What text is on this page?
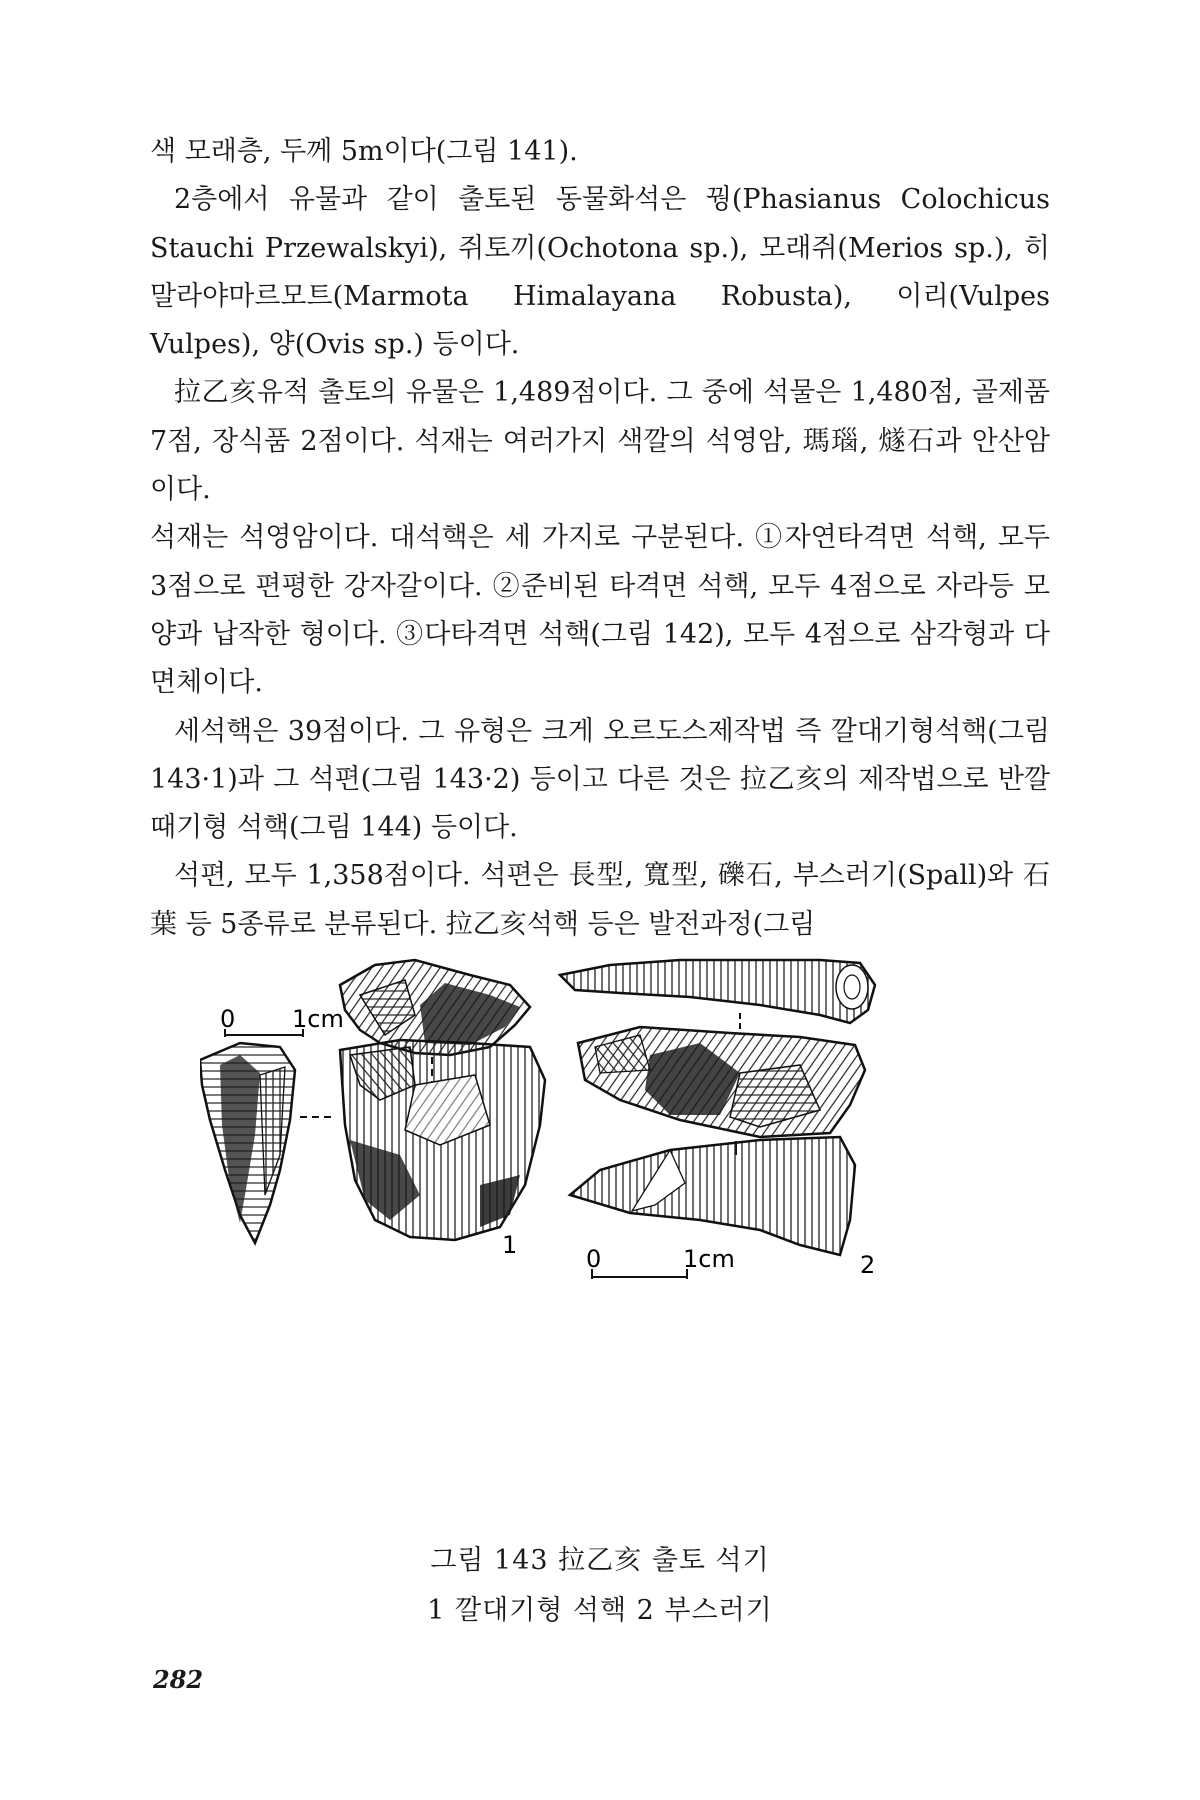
색 모래층, 두께 5m이다(그림 141).

2층에서 유물과 같이 출토된 동물화석은 꿩(Phasianus Colochicus Stauchi Przewalskyi), 쥐토끼(Ochotona sp.), 모래쥐(Merios sp.), 히말라야마르모트(Marmota Himalayana Robusta), 이리(Vulpes Vulpes), 양(Ovis sp.) 등이다.

拉乙亥유적 출토의 유물은 1,489점이다. 그 중에 석물은 1,480점, 골제품 7점, 장식품 2점이다. 석재는 여러가지 색깔의 석영암, 瑪瑙, 燧石과 안산암이다.

석재는 석영암이다. 대석핵은 세 가지로 구분된다. ①자연타격면 석핵, 모두 3점으로 편평한 강자갈이다. ②준비된 타격면 석핵, 모두 4점으로 자라등 모양과 납작한 형이다. ③다타격면 석핵(그림 142), 모두 4점으로 삼각형과 다면체이다.

세석핵은 39점이다. 그 유형은 크게 오르도스제작법 즉 깔대기형석핵(그림 143·1)과 그 석편(그림 143·2) 등이고 다른 것은 拉乙亥의 제작법으로 반깔때기형 석핵(그림 144) 등이다.

석편, 모두 1,358점이다. 석편은 長型, 寬型, 礫石, 부스러기(Spall)와 石葉 등 5종류로 분류된다. 拉乙亥석핵 등은 발전과정(그림

0 1cm
1	0	1cm	2
그림 143 拉乙亥 출토 석기
1 깔대기형 석핵 2 부스러기
282
